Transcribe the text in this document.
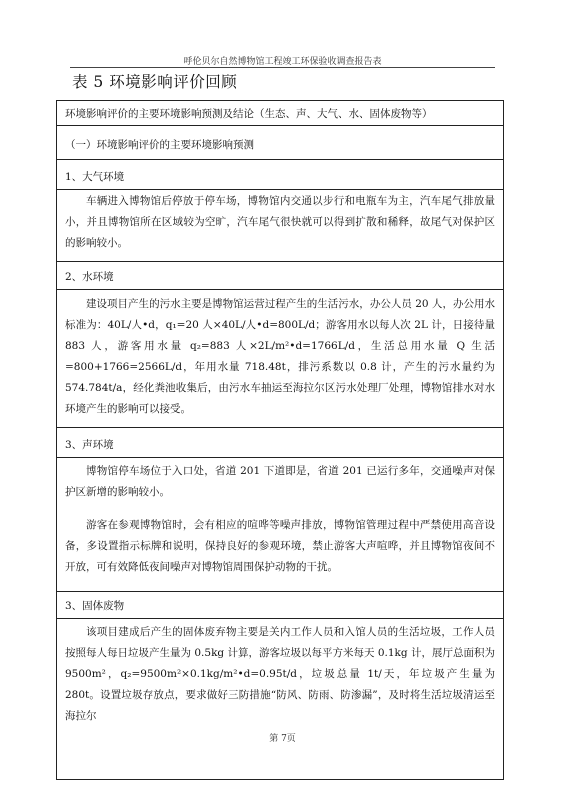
呼伦贝尔自然博物馆工程竣工环保验收调查报告表
表 5 环境影响评价回顾
环境影响评价的主要环境影响预测及结论（生态、声、大气、水、固体废物等）
（一）环境影响评价的主要环境影响预测
1、大气环境
车辆进入博物馆后停放于停车场，博物馆内交通以步行和电瓶车为主，汽车尾气排放量小，并且博物馆所在区域较为空旷，汽车尾气很快就可以得到扩散和稀释，故尾气对保护区的影响较小。
2、水环境
建设项目产生的污水主要是博物馆运营过程产生的生活污水，办公人员 20 人，办公用水标准为：40L/人•d，q₁=20 人×40L/人•d=800L/d；游客用水以每人次 2L 计，日接待量 883 人，游客用水量 q₂=883 人×2L/m²•d=1766L/d，生活总用水量 Q 生活=800+1766=2566L/d，年用水量 718.48t，排污系数以 0.8 计，产生的污水量约为 574.784t/a，经化粪池收集后，由污水车抽运至海拉尔区污水处理厂处理，博物馆排水对水环境产生的影响可以接受。
3、声环境
博物馆停车场位于入口处，省道 201 下道即是，省道 201 已运行多年，交通噪声对保护区新增的影响较小。
游客在参观博物馆时，会有相应的喧哗等噪声排放，博物馆管理过程中严禁使用高音设备，多设置指示标牌和说明，保持良好的参观环境，禁止游客大声喧哗，并且博物馆夜间不开放，可有效降低夜间噪声对博物馆周围保护动物的干扰。
3、固体废物
该项目建成后产生的固体废弃物主要是关内工作人员和入馆人员的生活垃圾，工作人员按照每人每日垃圾产生量为 0.5kg 计算，游客垃圾以每平方米每天 0.1kg 计，展厅总面积为 9500m²，q₂=9500m²×0.1kg/m²•d=0.95t/d，垃圾总量 1t/天，年垃圾产生量为 280t。设置垃圾存放点，要求做好三防措施“防风、防雨、防渗漏”，及时将生活垃圾清运至海拉尔
第 7页
